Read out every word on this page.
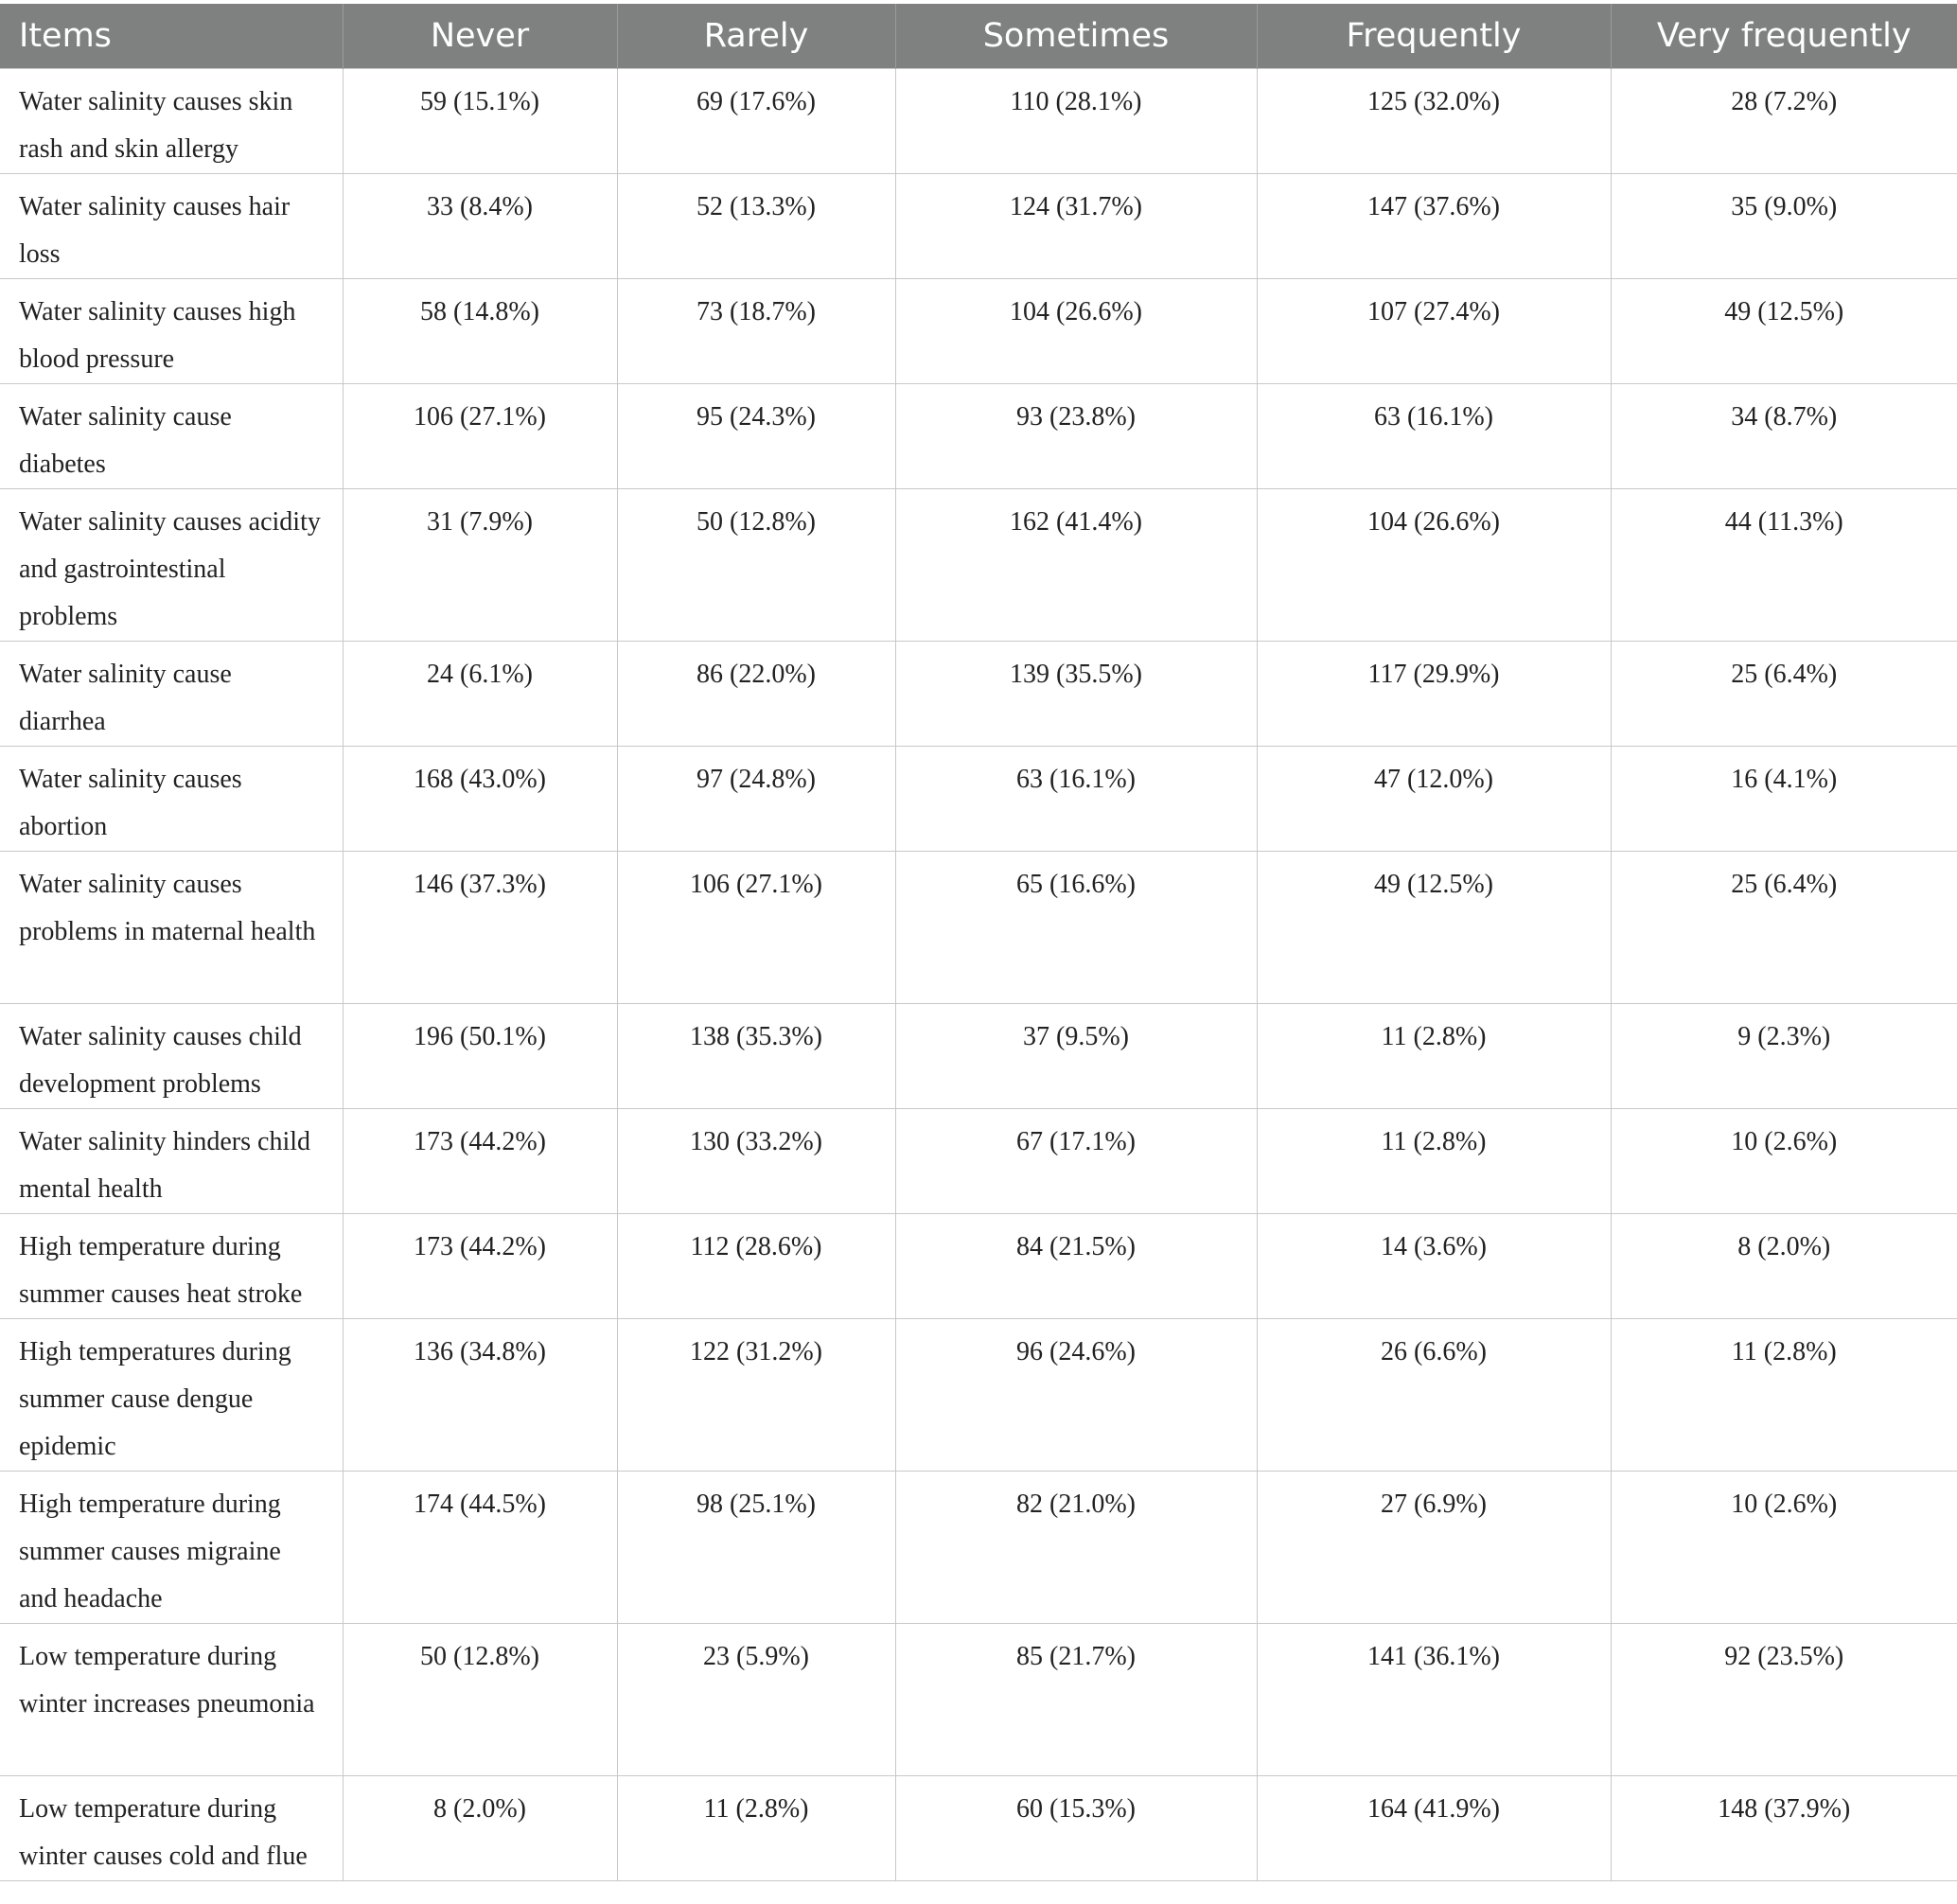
Items	Never	Rarely	Sometimes	Frequently	Very frequently
Water salinity causes skin rash and skin allergy	59 (15.1%)	69 (17.6%)	110 (28.1%)	125 (32.0%)	28 (7.2%)
Water salinity causes hair loss	33 (8.4%)	52 (13.3%)	124 (31.7%)	147 (37.6%)	35 (9.0%)
Water salinity causes high blood pressure	58 (14.8%)	73 (18.7%)	104 (26.6%)	107 (27.4%)	49 (12.5%)
Water salinity cause diabetes	106 (27.1%)	95 (24.3%)	93 (23.8%)	63 (16.1%)	34 (8.7%)
Water salinity causes acidity and gastrointestinal problems	31 (7.9%)	50 (12.8%)	162 (41.4%)	104 (26.6%)	44 (11.3%)
Water salinity cause diarrhea	24 (6.1%)	86 (22.0%)	139 (35.5%)	117 (29.9%)	25 (6.4%)
Water salinity causes abortion	168 (43.0%)	97 (24.8%)	63 (16.1%)	47 (12.0%)	16 (4.1%)
Water salinity causes problems in maternal health	146 (37.3%)	106 (27.1%)	65 (16.6%)	49 (12.5%)	25 (6.4%)
Water salinity causes child development problems	196 (50.1%)	138 (35.3%)	37 (9.5%)	11 (2.8%)	9 (2.3%)
Water salinity hinders child mental health	173 (44.2%)	130 (33.2%)	67 (17.1%)	11 (2.8%)	10 (2.6%)
High temperature during summer causes heat stroke	173 (44.2%)	112 (28.6%)	84 (21.5%)	14 (3.6%)	8 (2.0%)
High temperatures during summer cause dengue epidemic	136 (34.8%)	122 (31.2%)	96 (24.6%)	26 (6.6%)	11 (2.8%)
High temperature during summer causes migraine and headache	174 (44.5%)	98 (25.1%)	82 (21.0%)	27 (6.9%)	10 (2.6%)
Low temperature during winter increases pneumonia	50 (12.8%)	23 (5.9%)	85 (21.7%)	141 (36.1%)	92 (23.5%)
Low temperature during winter causes cold and flue	8 (2.0%)	11 (2.8%)	60 (15.3%)	164 (41.9%)	148 (37.9%)
